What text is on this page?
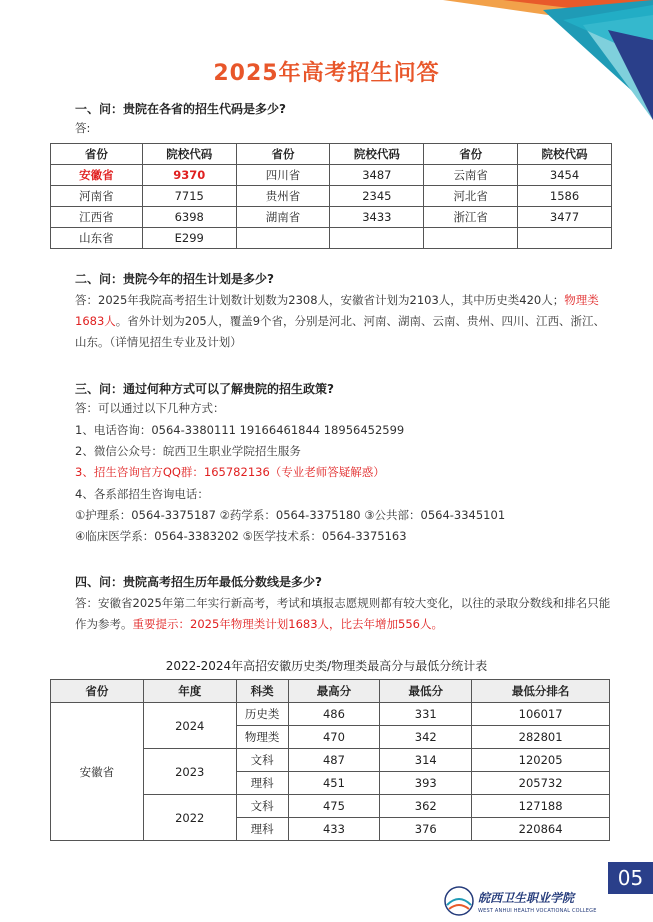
2025年高考招生问答
一、问：贵院在各省的招生代码是多少?
答:
省份	院校代码	省份	院校代码	省份	院校代码
安徽省	9370	四川省	3487	云南省	3454
河南省	7715	贵州省	2345	河北省	1586
江西省	6398	湖南省	3433	浙江省	3477
山东省	E299				
二、问：贵院今年的招生计划是多少?
答：2025年我院高考招生计划数计划数为2308人，安徽省计划为2103人，其中历史类420人；物理类1683人。省外计划为205人，覆盖9个省，分别是河北、河南、湖南、云南、贵州、四川、江西、浙江、山东。（详情见招生专业及计划）
三、问：通过何种方式可以了解贵院的招生政策?
答：可以通过以下几种方式：
1、电话咨询：0564-3380111 19166461844 18956452599
2、微信公众号：皖西卫生职业学院招生服务
3、招生咨询官方QQ群：165782136（专业老师答疑解惑）
4、各系部招生咨询电话：
①护理系：0564-3375187 ②药学系：0564-3375180 ③公共部：0564-3345101
④临床医学系：0564-3383202 ⑤医学技术系：0564-3375163
四、问：贵院高考招生历年最低分数线是多少?
答：安徽省2025年第二年实行新高考，考试和填报志愿规则都有较大变化，以往的录取分数线和排名只能作为参考。重要提示：2025年物理类计划1683人，比去年增加556人。
2022-2024年高招安徽历史类/物理类最高分与最低分统计表
省份	年度	科类	最高分	最低分	最低分排名
安徽省	2024	历史类	486	331	106017
		物理类	470	342	282801
	2023	文科	487	314	120205
		理科	451	393	205732
	2022	文科	475	362	127188
		理科	433	376	220864
皖西卫生职业学院
WEST ANHUI HEALTH VOCATIONAL COLLEGE
05
